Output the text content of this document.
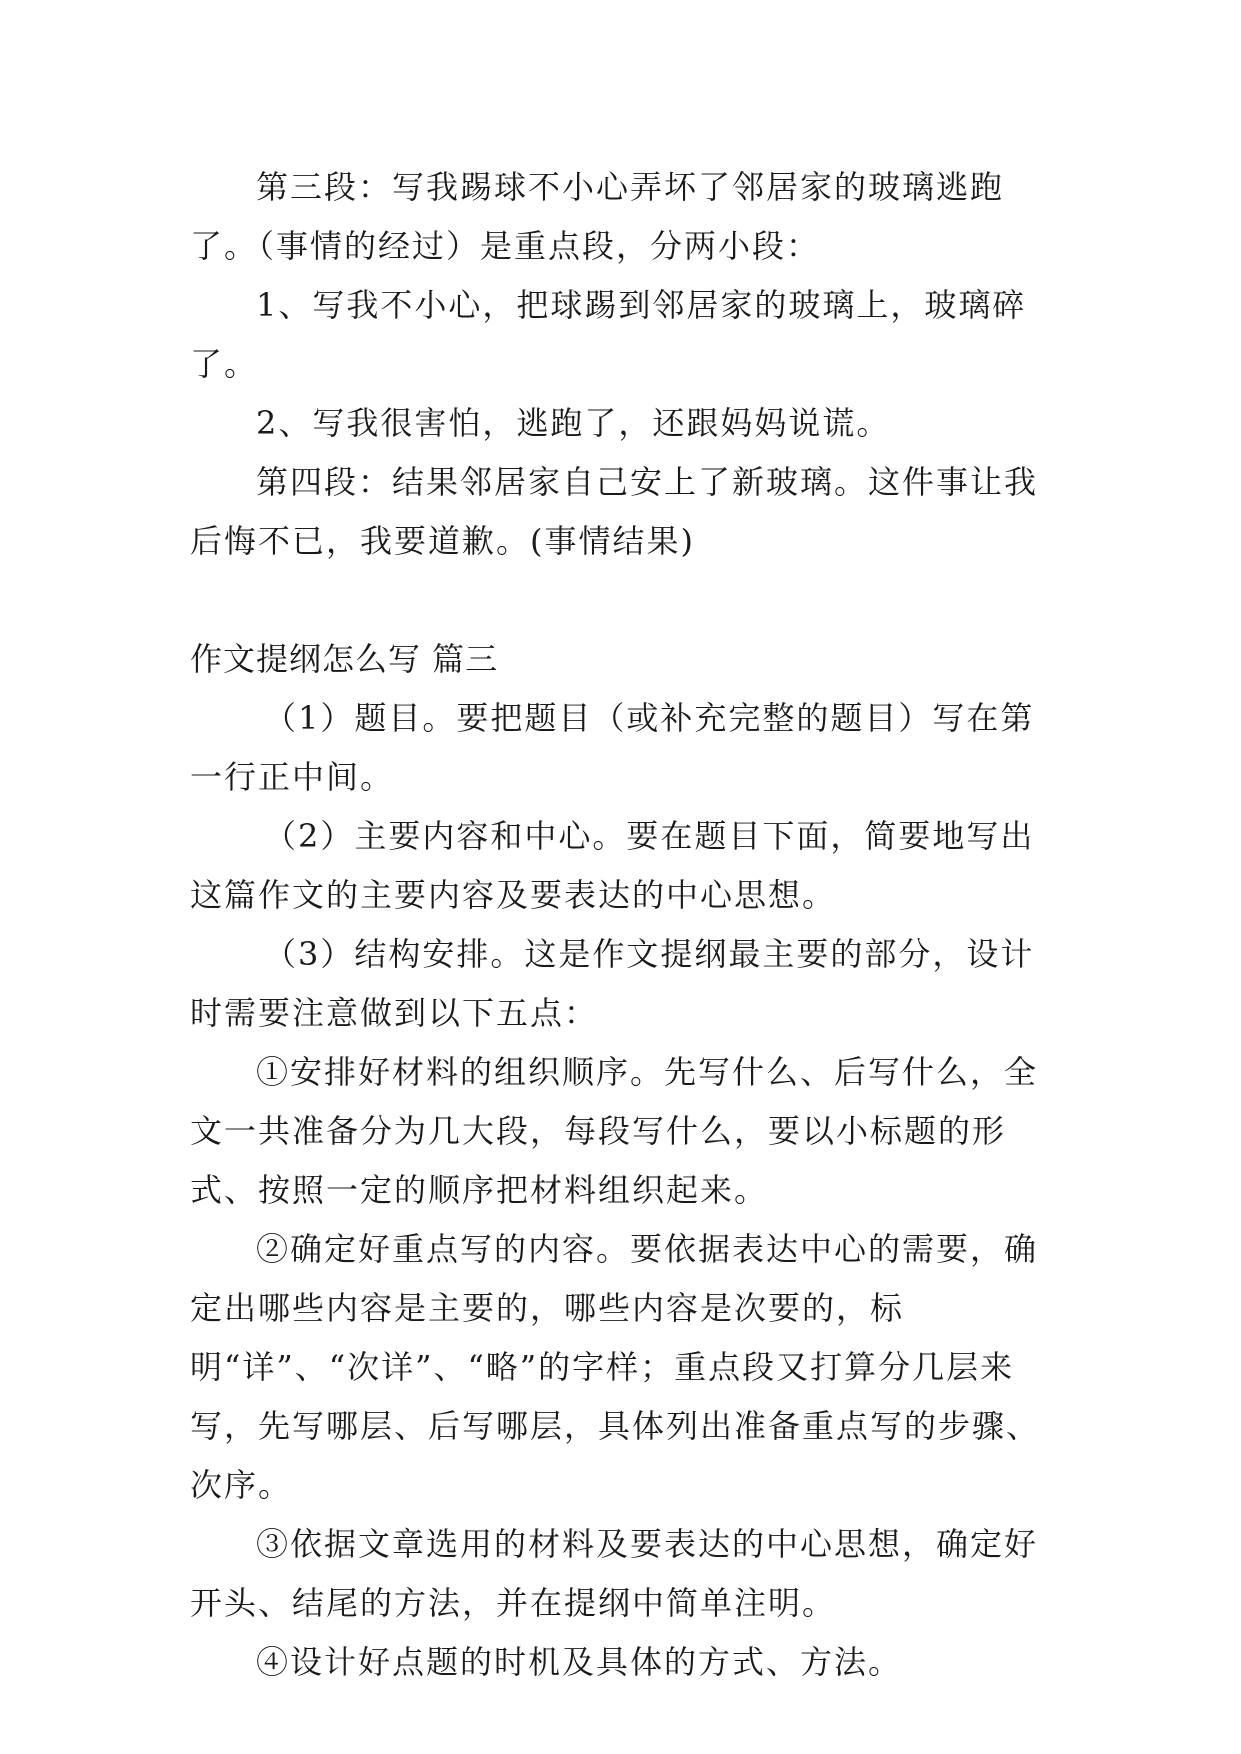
第三段：写我踢球不小心弄坏了邻居家的玻璃逃跑了。（事情的经过）是重点段，分两小段：

1、写我不小心，把球踢到邻居家的玻璃上，玻璃碎了。

2、写我很害怕，逃跑了，还跟妈妈说谎。

第四段：结果邻居家自己安上了新玻璃。这件事让我后悔不已，我要道歉。(事情结果)

作文提纲怎么写 篇三

（1）题目。要把题目（或补充完整的题目）写在第一行正中间。

（2）主要内容和中心。要在题目下面，简要地写出这篇作文的主要内容及要表达的中心思想。

（3）结构安排。这是作文提纲最主要的部分，设计时需要注意做到以下五点：

①安排好材料的组织顺序。先写什么、后写什么，全文一共准备分为几大段，每段写什么，要以小标题的形式、按照一定的顺序把材料组织起来。

②确定好重点写的内容。要依据表达中心的需要，确定出哪些内容是主要的，哪些内容是次要的，标明“详”、“次详”、“略”的字样；重点段又打算分几层来写，先写哪层、后写哪层，具体列出准备重点写的步骤、次序。

③依据文章选用的材料及要表达的中心思想，确定好开头、结尾的方法，并在提纲中简单注明。

④设计好点题的时机及具体的方式、方法。
